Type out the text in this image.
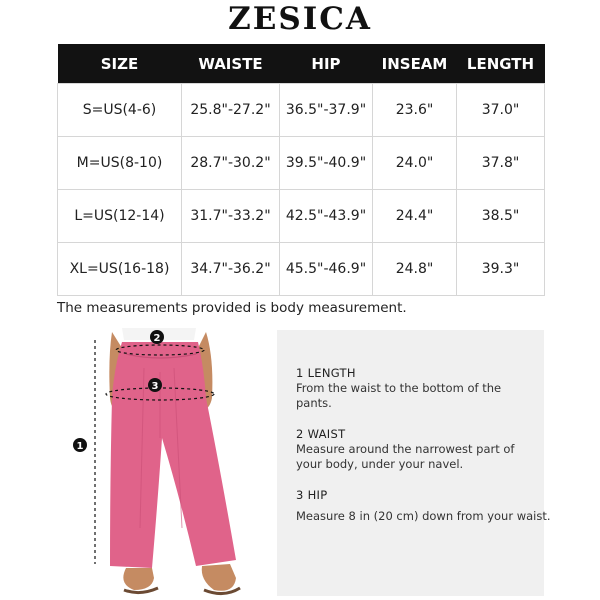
ZESICA
SIZE	WAISTE	HIP	INSEAM	LENGTH
S=US(4-6)	25.8"-27.2"	36.5"-37.9"	23.6"	37.0"
M=US(8-10)	28.7"-30.2"	39.5"-40.9"	24.0"	37.8"
L=US(12-14)	31.7"-33.2"	42.5"-43.9"	24.4"	38.5"
XL=US(16-18)	34.7"-36.2"	45.5"-46.9"	24.8"	39.3"
The measurements provided is body measurement.
1
2
3
1 LENGTH
From the waist to the bottom of the
pants.
2 WAIST
Measure around the narrowest part of
your body, under your navel.
3 HIP
Measure 8 in (20 cm) down from your waist.
